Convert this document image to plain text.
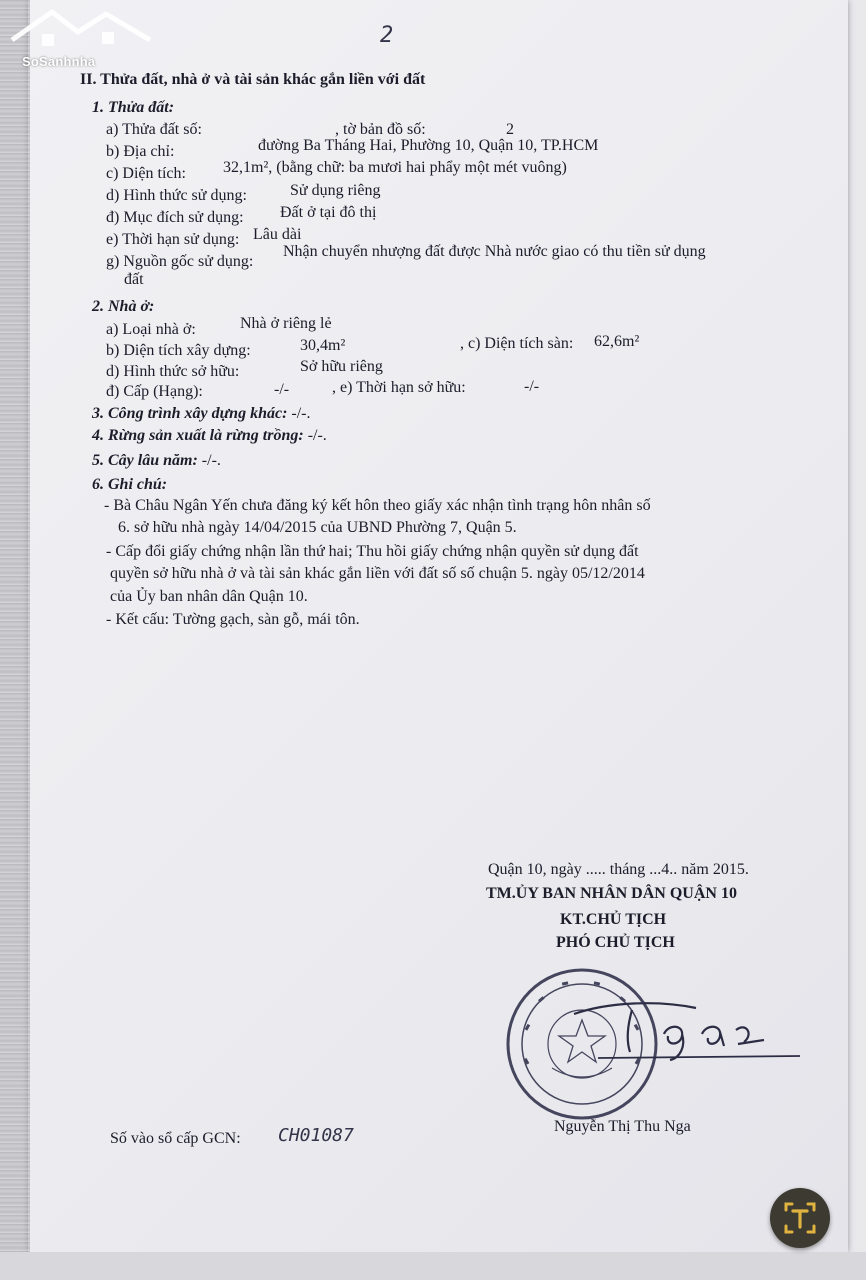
2
II. Thửa đất, nhà ở và tài sản khác gắn liền với đất
1. Thửa đất:
a) Thửa đất số:	, tờ bản đồ số:	2
b) Địa chỉ:	đường Ba Tháng Hai, Phường 10, Quận 10, TP.HCM
c) Diện tích: 32,1m², (bằng chữ: ba mươi hai phẩy một mét vuông)
d) Hình thức sử dụng:	Sử dụng riêng
đ) Mục đích sử dụng: Đất ở tại đô thị
e) Thời hạn sử dụng: Lâu dài
g) Nguồn gốc sử dụng:
Nhận chuyển nhượng đất được Nhà nước giao có thu tiền sử dụng
đất
2. Nhà ở:
a) Loại nhà ở:	Nhà ở riêng lẻ
b) Diện tích xây dựng:	30,4m²	, c) Diện tích sàn: 62,6m²
d) Hình thức sở hữu:	Sở hữu riêng
đ) Cấp (Hạng):	-/-	, e) Thời hạn sở hữu:	-/-
3. Công trình xây dựng khác: -/-.
4. Rừng sản xuất là rừng trồng: -/-.
5. Cây lâu năm: -/-.
6. Ghi chú:
- Bà Châu Ngân Yến chưa đăng ký kết hôn theo giấy xác nhận tình trạng hôn nhân số
6. sở hữu nhà ngày 14/04/2015 của UBND Phường 7, Quận 5.
- Cấp đổi giấy chứng nhận lần thứ hai; Thu hồi giấy chứng nhận quyền sử dụng đất
quyền sở hữu nhà ở và tài sản khác gắn liền với đất số số chuận 5. ngày 05/12/2014
của Ủy ban nhân dân Quận 10.
- Kết cấu: Tường gạch, sàn gỗ, mái tôn.
Quận 10, ngày ..... tháng ...4.. năm 2015.
TM.ỦY BAN NHÂN DÂN QUẬN 10
KT.CHỦ TỊCH
PHÓ CHỦ TỊCH
Nguyễn Thị Thu Nga
Số vào sổ cấp GCN: CH01087
SoSanhnha
